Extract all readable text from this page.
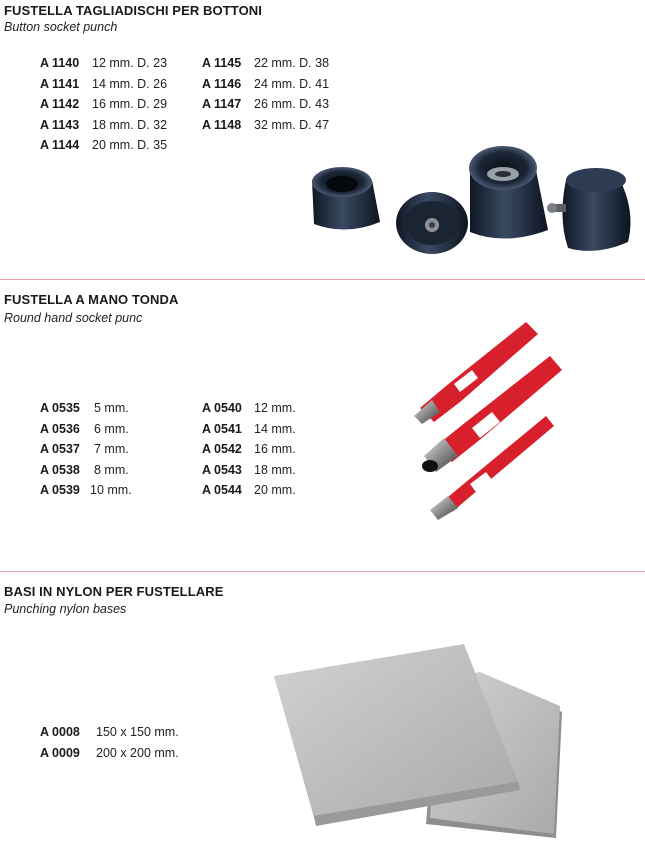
FUSTELLA TAGLIADISCHI PER BOTTONI
Button socket punch
A 1140	12 mm. D. 23
A 1141	14 mm. D. 26
A 1142	16 mm. D. 29
A 1143	18 mm. D. 32
A 1144	20 mm. D. 35
A 1145	22 mm. D. 38
A 1146	24 mm. D. 41
A 1147	26 mm. D. 43
A 1148	32 mm. D. 47
FUSTELLA A MANO TONDA
Round hand socket punc
A 0535	5 mm.
A 0536	6 mm.
A 0537	7 mm.
A 0538	8 mm.
A 0539 10 mm.
A 0540 12 mm.
A 0541 14 mm.
A 0542 16 mm.
A 0543 18 mm.
A 0544 20 mm.
BASI IN NYLON PER FUSTELLARE
Punching nylon bases
A 0008	150 x 150 mm.
A 0009	200 x 200 mm.
